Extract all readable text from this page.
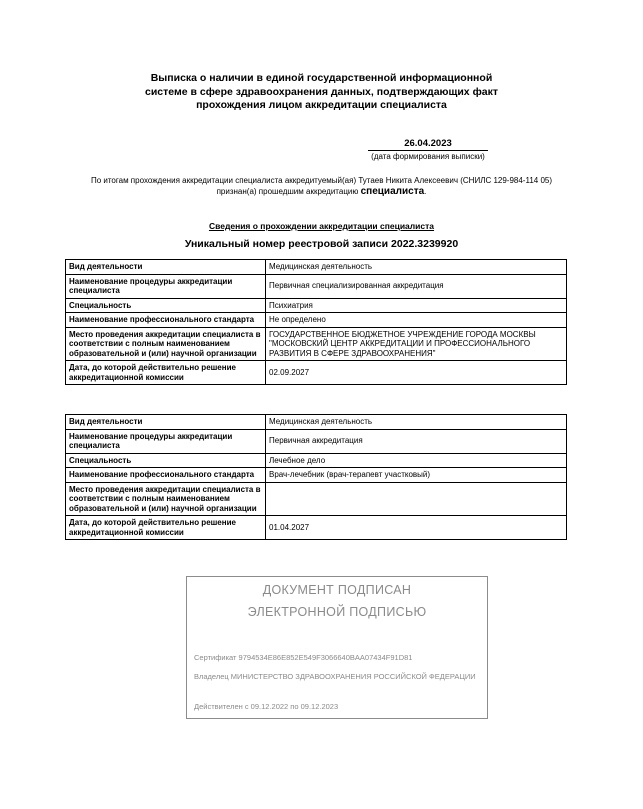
Выписка о наличии в единой государственной информационной
системе в сфере здравоохранения данных, подтверждающих факт
прохождения лицом аккредитации специалиста
26.04.2023
(дата формирования выписки)
По итогам прохождения аккредитации специалиста аккредитуемый(ая) Тутаев Никита Алексеевич (СНИЛС 129-984-114 05)
признан(а) прошедшим аккредитацию специалиста.
Сведения о прохождении аккредитации специалиста
Уникальный номер реестровой записи 2022.3239920
Вид деятельности	Медицинская деятельность
Наименование процедуры аккредитации специалиста	Первичная специализированная аккредитация
Специальность	Психиатрия
Наименование профессионального стандарта	Не определено
Место проведения аккредитации специалиста в соответствии с полным наименованием образовательной и (или) научной организации	ГОСУДАРСТВЕННОЕ БЮДЖЕТНОЕ УЧРЕЖДЕНИЕ ГОРОДА МОСКВЫ "МОСКОВСКИЙ ЦЕНТР АККРЕДИТАЦИИ И ПРОФЕССИОНАЛЬНОГО РАЗВИТИЯ В СФЕРЕ ЗДРАВООХРАНЕНИЯ"
Дата, до которой действительно решение аккредитационной комиссии	02.09.2027
Вид деятельности	Медицинская деятельность
Наименование процедуры аккредитации специалиста	Первичная аккредитация
Специальность	Лечебное дело
Наименование профессионального стандарта	Врач-лечебник (врач-терапевт участковый)
Место проведения аккредитации специалиста в соответствии с полным наименованием образовательной и (или) научной организации	
Дата, до которой действительно решение аккредитационной комиссии	01.04.2027
ДОКУМЕНТ ПОДПИСАН
ЭЛЕКТРОННОЙ ПОДПИСЬЮ
Сертификат 9794534E86E852E549F3066640BAA07434F91D81
Владелец МИНИСТЕРСТВО ЗДРАВООХРАНЕНИЯ РОССИЙСКОЙ ФЕДЕРАЦИИ
Действителен с 09.12.2022 по 09.12.2023
